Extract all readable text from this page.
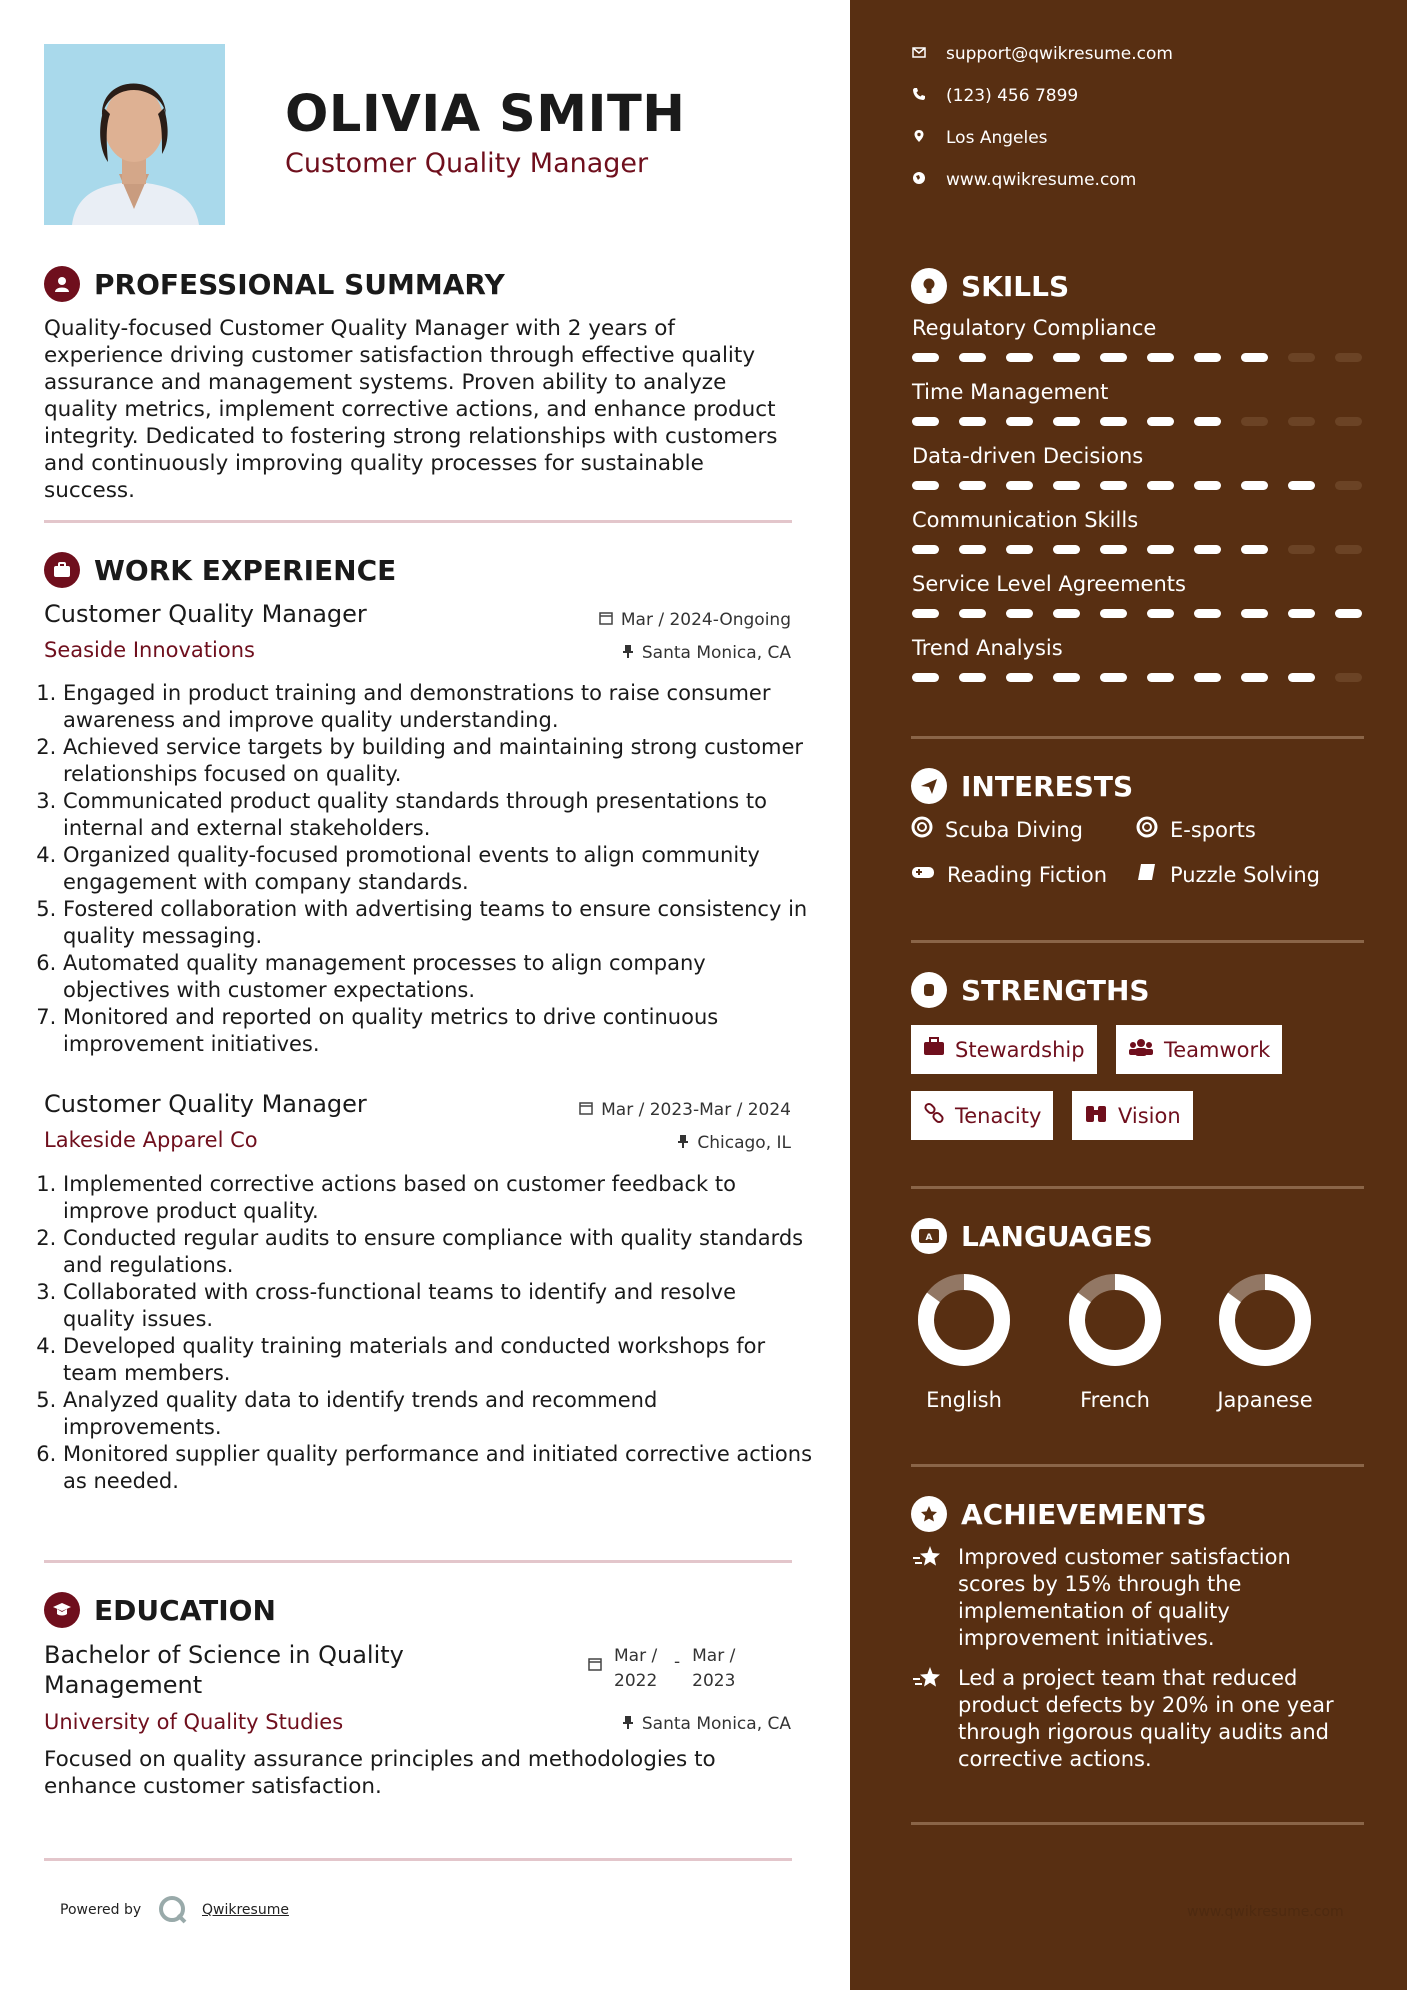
OLIVIA SMITH
Customer Quality Manager
PROFESSIONAL SUMMARY
Quality-focused Customer Quality Manager with 2 years of experience driving customer satisfaction through effective quality assurance and management systems. Proven ability to analyze quality metrics, implement corrective actions, and enhance product integrity. Dedicated to fostering strong relationships with customers and continuously improving quality processes for sustainable success.
WORK EXPERIENCE
Customer Quality Manager	Mar / 2024-Ongoing
Seaside Innovations	Santa Monica, CA
1. Engaged in product training and demonstrations to raise consumer awareness and improve quality understanding.
2. Achieved service targets by building and maintaining strong customer relationships focused on quality.
3. Communicated product quality standards through presentations to internal and external stakeholders.
4. Organized quality-focused promotional events to align community engagement with company standards.
5. Fostered collaboration with advertising teams to ensure consistency in quality messaging.
6. Automated quality management processes to align company objectives with customer expectations.
7. Monitored and reported on quality metrics to drive continuous improvement initiatives.
Customer Quality Manager	Mar / 2023-Mar / 2024
Lakeside Apparel Co	Chicago, IL
1. Implemented corrective actions based on customer feedback to improve product quality.
2. Conducted regular audits to ensure compliance with quality standards and regulations.
3. Collaborated with cross-functional teams to identify and resolve quality issues.
4. Developed quality training materials and conducted workshops for team members.
5. Analyzed quality data to identify trends and recommend improvements.
6. Monitored supplier quality performance and initiated corrective actions as needed.
EDUCATION
Bachelor of Science in Quality Management
Mar / 2022
- Mar / 2023
University of Quality Studies	Santa Monica, CA
Focused on quality assurance principles and methodologies to enhance customer satisfaction.
Powered by	Qwikresume
support@qwikresume.com
(123) 456 7899
Los Angeles
www.qwikresume.com
SKILLS
Regulatory Compliance
Time Management
Data-driven Decisions
Communication Skills
Service Level Agreements
Trend Analysis
INTERESTS
Scuba Diving	E-sports
Reading Fiction	Puzzle Solving
STRENGTHS
Stewardship	Teamwork
Tenacity	Vision
A LANGUAGES
English	French	Japanese
ACHIEVEMENTS
Improved customer satisfaction scores by 15% through the implementation of quality improvement initiatives.
Led a project team that reduced product defects by 20% in one year through rigorous quality audits and corrective actions.
www.qwikresume.com
